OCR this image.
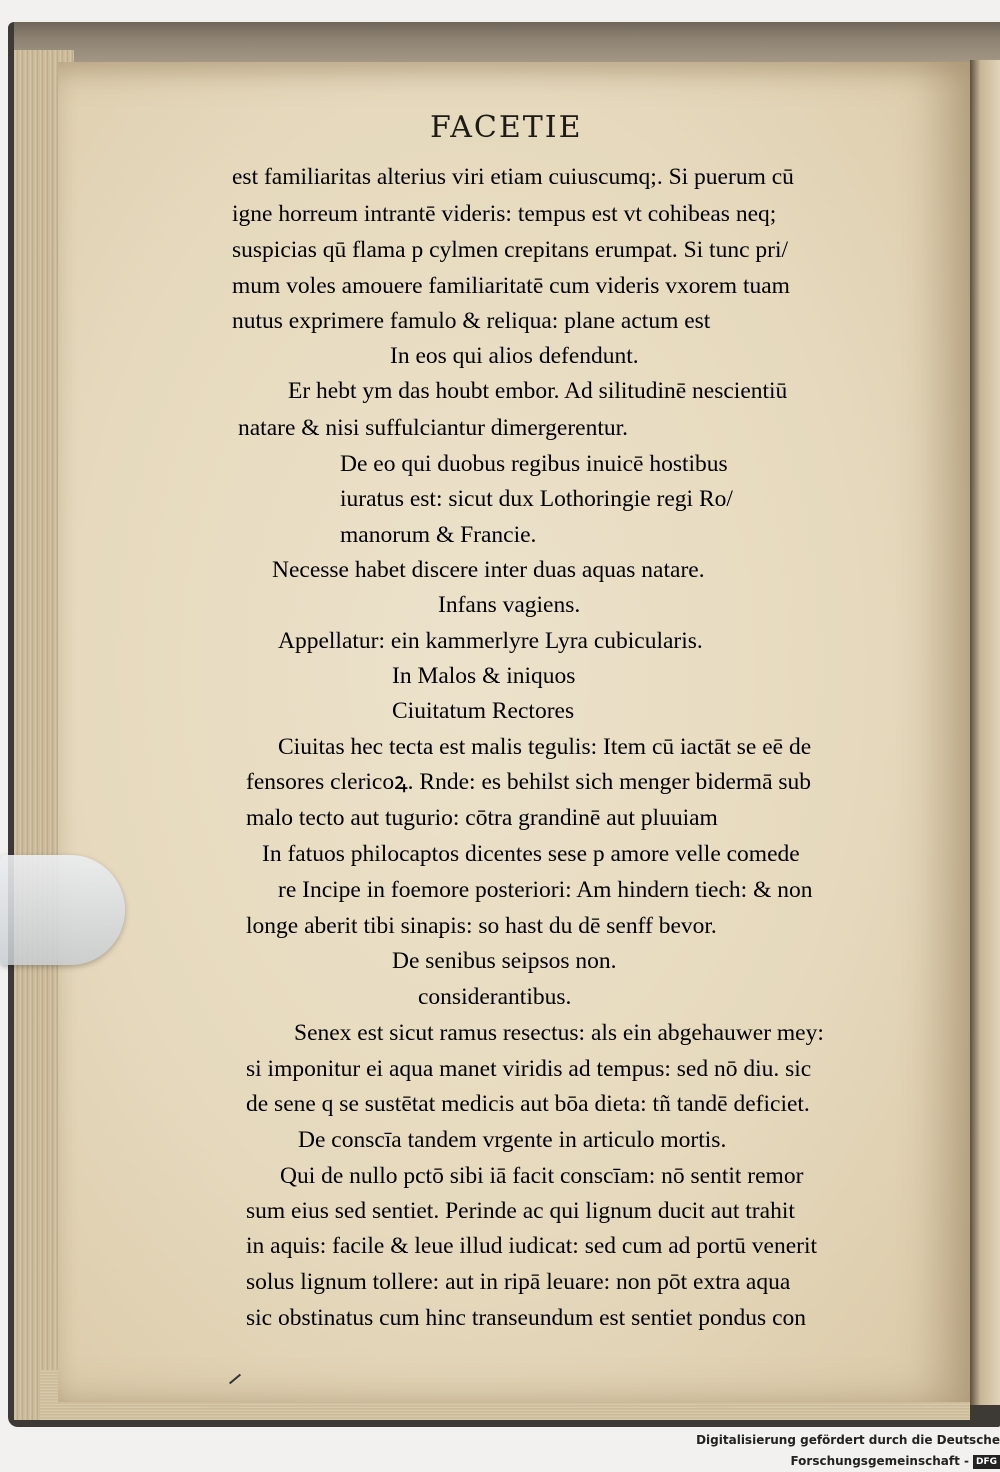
FACETIE
est familiaritas alterius viri etiam cuiuscumq;. Si puerum cū
igne horreum intrantē videris: tempus est vt cohibeas neq;
suspicias qū flama p cylmen crepitans erumpat. Si tunc pri/
mum voles amouere familiaritatē cum videris vxorem tuam
nutus exprimere famulo & reliqua: plane actum est
In eos qui alios defendunt.
Er hebt ym das houbt embor. Ad silitudinē nescientiū
natare & nisi suffulciantur dimergerentur.
De eo qui duobus regibus inuicē hostibus
iuratus est: sicut dux Lothoringie regi Ro/
manorum & Francie.
Necesse habet discere inter duas aquas natare.
Infans vagiens.
Appellatur: ein kammerlyre Lyra cubicularis.
In Malos & iniquos
Ciuitatum Rectores
Ciuitas hec tecta est malis tegulis: Item cū iactāt se eē de
fensores clericoꝝ. Rnde: es behilst sich menger bidermā sub
malo tecto aut tugurio: cōtra grandinē aut pluuiam
In fatuos philocaptos dicentes sese p amore velle comede
re Incipe in foemore posteriori: Am hindern tiech: & non
longe aberit tibi sinapis: so hast du dē senff bevor.
De senibus seipsos non.
considerantibus.
Senex est sicut ramus resectus: als ein abgehauwer mey:
si imponitur ei aqua manet viridis ad tempus: sed nō diu. sic
de sene q se sustētat medicis aut bōa dieta: tñ tandē deficiet.
De conscīa tandem vrgente in articulo mortis.
Qui de nullo pctō sibi iā facit conscīam: nō sentit remor
sum eius sed sentiet. Perinde ac qui lignum ducit aut trahit
in aquis: facile & leue illud iudicat: sed cum ad portū venerit
solus lignum tollere: aut in ripā leuare: non pōt extra aqua
sic obstinatus cum hinc transeundum est sentiet pondus con
Digitalisierung gefördert durch die Deutsche Forschungsgemeinschaft - DFG
